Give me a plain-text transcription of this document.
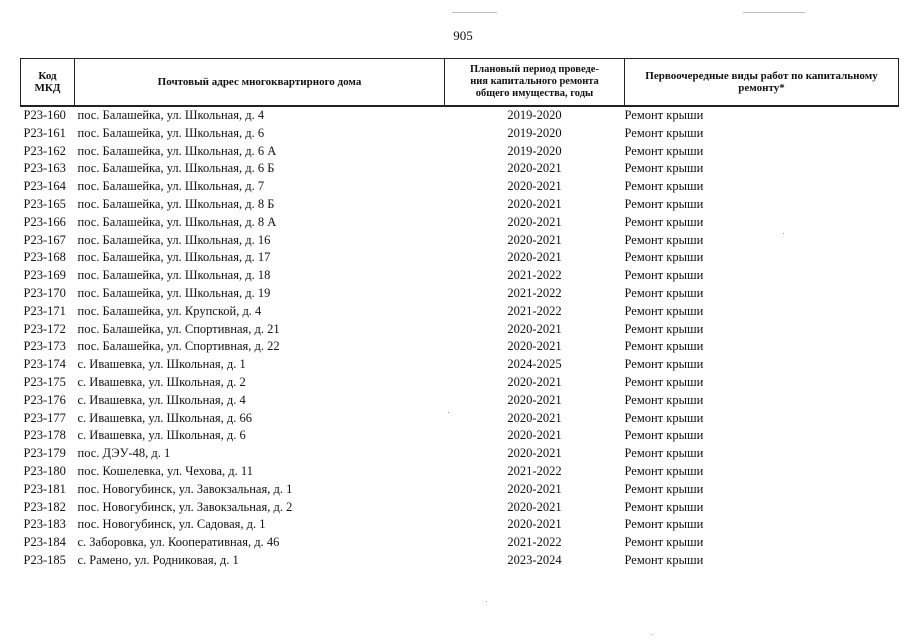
905
Код МКД	Почтовый адрес многоквартирного дома	Плановый период проведе-
ния капитального ремонта
общего имущества, годы	Первоочередные виды работ по капитальному
ремонту*
Р23-160	пос. Балашейка, ул. Школьная, д. 4	2019-2020	Ремонт крыши
Р23-161	пос. Балашейка, ул. Школьная, д. 6	2019-2020	Ремонт крыши
Р23-162	пос. Балашейка, ул. Школьная, д. 6 А	2019-2020	Ремонт крыши
Р23-163	пос. Балашейка, ул. Школьная, д. 6 Б	2020-2021	Ремонт крыши
Р23-164	пос. Балашейка, ул. Школьная, д. 7	2020-2021	Ремонт крыши
Р23-165	пос. Балашейка, ул. Школьная, д. 8 Б	2020-2021	Ремонт крыши
Р23-166	пос. Балашейка, ул. Школьная, д. 8 А	2020-2021	Ремонт крыши
Р23-167	пос. Балашейка, ул. Школьная, д. 16	2020-2021	Ремонт крыши
Р23-168	пос. Балашейка, ул. Школьная, д. 17	2020-2021	Ремонт крыши
Р23-169	пос. Балашейка, ул. Школьная, д. 18	2021-2022	Ремонт крыши
Р23-170	пос. Балашейка, ул. Школьная, д. 19	2021-2022	Ремонт крыши
Р23-171	пос. Балашейка, ул. Крупской, д. 4	2021-2022	Ремонт крыши
Р23-172	пос. Балашейка, ул. Спортивная, д. 21	2020-2021	Ремонт крыши
Р23-173	пос. Балашейка, ул. Спортивная, д. 22	2020-2021	Ремонт крыши
Р23-174	с. Ивашевка, ул. Школьная, д. 1	2024-2025	Ремонт крыши
Р23-175	с. Ивашевка, ул. Школьная, д. 2	2020-2021	Ремонт крыши
Р23-176	с. Ивашевка, ул. Школьная, д. 4	2020-2021	Ремонт крыши
Р23-177	с. Ивашевка, ул. Школьная, д. 66	2020-2021	Ремонт крыши
Р23-178	с. Ивашевка, ул. Школьная, д. 6	2020-2021	Ремонт крыши
Р23-179	пос. ДЭУ-48, д. 1	2020-2021	Ремонт крыши
Р23-180	пос. Кошелевка, ул. Чехова, д. 11	2021-2022	Ремонт крыши
Р23-181	пос. Новогубинск, ул. Завокзальная, д. 1	2020-2021	Ремонт крыши
Р23-182	пос. Новогубинск, ул. Завокзальная, д. 2	2020-2021	Ремонт крыши
Р23-183	пос. Новогубинск, ул. Садовая, д. 1	2020-2021	Ремонт крыши
Р23-184	с. Заборовка, ул. Кооперативная, д. 46	2021-2022	Ремонт крыши
Р23-185	с. Рамено, ул. Родниковая, д. 1	2023-2024	Ремонт крыши
